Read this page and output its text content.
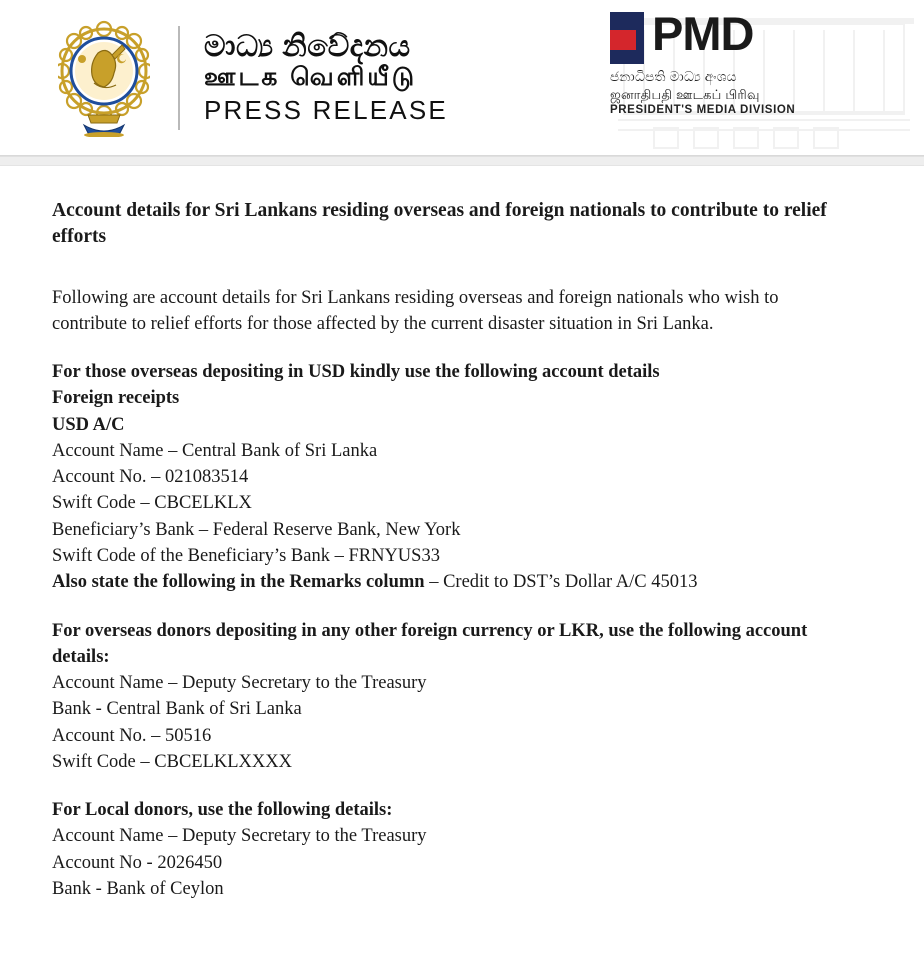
මාධ්‍ය නිවේදනය
ஊடக வெளியீடு
PRESS RELEASE
PMD
ජනාධිපති මාධ්‍ය අංශය
ஜனாதிபதி ஊடகப் பிரிவு
PRESIDENT'S MEDIA DIVISION
Account details for Sri Lankans residing overseas and foreign nationals to contribute to relief efforts

Following are account details for Sri Lankans residing overseas and foreign nationals who wish to contribute to relief efforts for those affected by the current disaster situation in Sri Lanka.

For those overseas depositing in USD kindly use the following account details

Foreign receipts

USD A/C

Account Name – Central Bank of Sri Lanka

Account No. – 021083514

Swift Code – CBCELKLX

Beneficiary’s Bank – Federal Reserve Bank, New York

Swift Code of the Beneficiary’s Bank – FRNYUS33

Also state the following in the Remarks column – Credit to DST’s Dollar A/C 45013

For overseas donors depositing in any other foreign currency or LKR, use the following account details:

Account Name – Deputy Secretary to the Treasury

Bank - Central Bank of Sri Lanka

Account No. – 50516

Swift Code – CBCELKLXXXX

For Local donors, use the following details:

Account Name – Deputy Secretary to the Treasury

Account No - 2026450

Bank - Bank of Ceylon
